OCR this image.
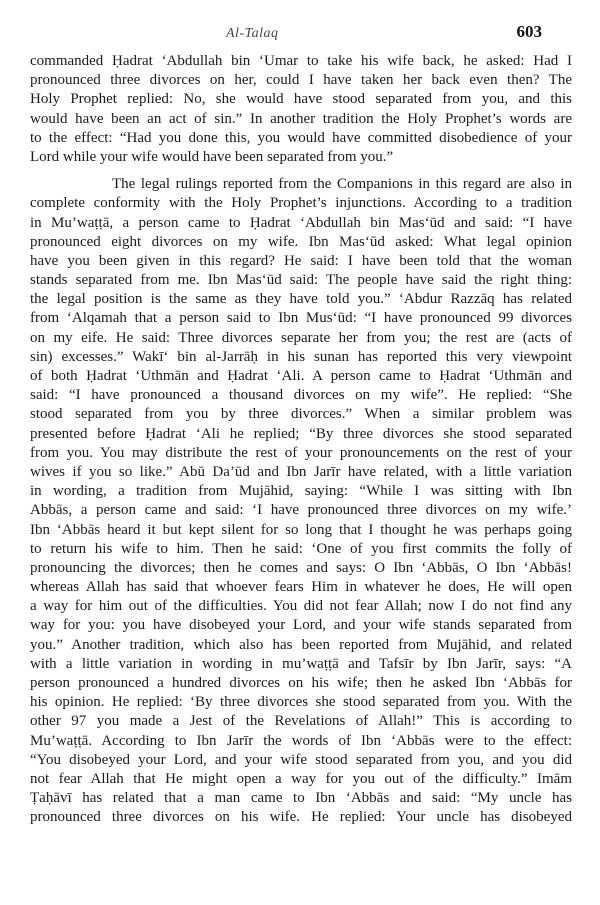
Al-Talaq	603
commanded Ḥadrat ‘Abdullah bin ‘Umar to take his wife back, he asked: Had I
pronounced three divorces on her, could I have taken her back even then? The
Holy Prophet replied: No, she would have stood separated from you, and this
would have been an act of sin.” In another tradition the Holy Prophet’s words are
to the effect: “Had you done this, you would have committed disobedience of your
Lord while your wife would have been separated from you.”
The legal rulings reported from the Companions in this regard are also in
complete conformity with the Holy Prophet’s injunctions. According to a tradition
in Mu’waṭṭā, a person came to Ḥadrat ‘Abdullah bin Mas‘ūd and said: “I have
pronounced eight divorces on my wife. Ibn Mas‘ūd asked: What legal opinion
have you been given in this regard? He said: I have been told that the woman
stands separated from me. Ibn Mas‘ūd said: The people have said the right thing:
the legal position is the same as they have told you.” ‘Abdur Razzāq has related
from ‘Alqamah that a person said to Ibn Mus‘ūd: “I have pronounced 99 divorces
on my eife. He said: Three divorces separate her from you; the rest are (acts of
sin) excesses.” Wakī‘ bin al-Jarrāḥ in his sunan has reported this very viewpoint
of both Ḥadrat ‘Uthmān and Ḥadrat ‘Ali. A person came to Ḥadrat ‘Uthmān and
said: “I have pronounced a thousand divorces on my wife”. He replied: “She
stood separated from you by three divorces.” When a similar problem was
presented before Ḥadrat ‘Ali he replied; “By three divorces she stood separated
from you. You may distribute the rest of your pronouncements on the rest of your
wives if you so like.” Abū Da’ūd and Ibn Jarīr have related, with a little variation
in wording, a tradition from Mujāhid, saying: “While I was sitting with Ibn
Abbās, a person came and said: ‘I have pronounced three divorces on my wife.’
Ibn ‘Abbās heard it but kept silent for so long that I thought he was perhaps going
to return his wife to him. Then he said: ‘One of you first commits the folly of
pronouncing the divorces; then he comes and says: O Ibn ‘Abbās, O Ibn ‘Abbās!
whereas Allah has said that whoever fears Him in whatever he does, He will open
a way for him out of the difficulties. You did not fear Allah; now I do not find any
way for you: you have disobeyed your Lord, and your wife stands separated from
you.” Another tradition, which also has been reported from Mujāhid, and related
with a little variation in wording in mu’waṭṭā and Tafsīr by Ibn Jarīr, says: “A
person pronounced a hundred divorces on his wife; then he asked Ibn ‘Abbās for
his opinion. He replied: ‘By three divorces she stood separated from you. With the
other 97 you made a Jest of the Revelations of Allah!” This is according to
Mu’waṭṭā. According to Ibn Jarīr the words of Ibn ‘Abbās were to the effect:
“You disobeyed your Lord, and your wife stood separated from you, and you did
not fear Allah that He might open a way for you out of the difficulty.” Imām
Ṭaḥāvī has related that a man came to Ibn ‘Abbās and said: “My uncle has
pronounced three divorces on his wife. He replied: Your uncle has disobeyed
